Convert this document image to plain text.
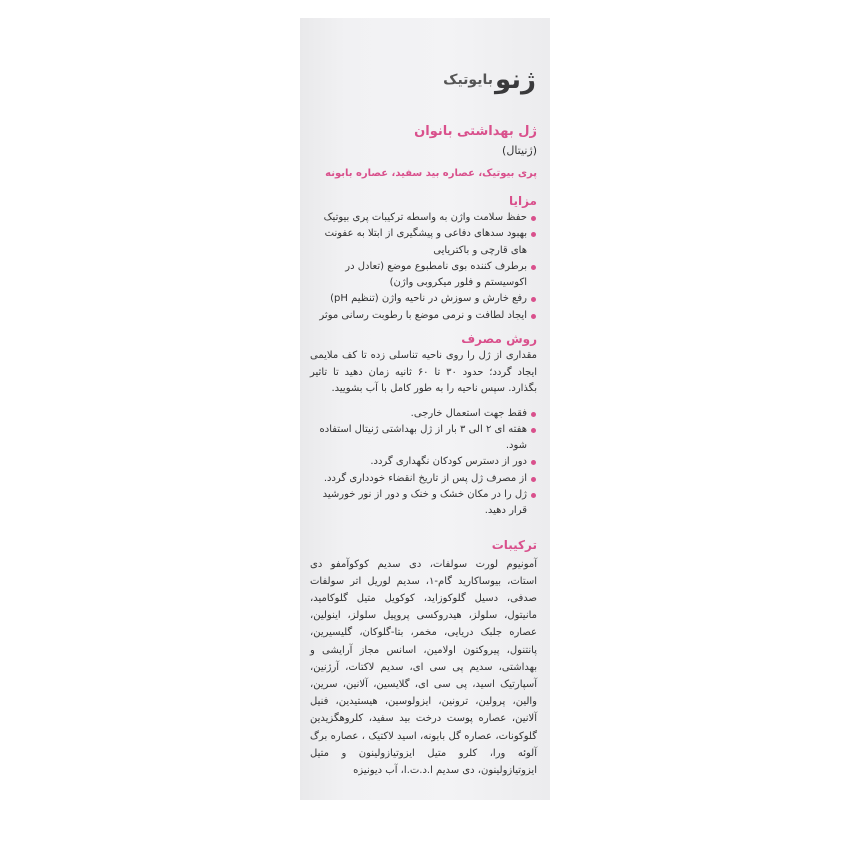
ژنو
بایوتیک
ژل بهداشتی بانوان
(ژنیتال)
پری بیوتیک، عصاره بید سفید، عصاره بابونه
مزایا
حفظ سلامت واژن به واسطه ترکیبات پری بیوتیک
بهبود سدهای دفاعی و پیشگیری از ابتلا به عفونت های قارچی و باکتریایی
برطرف کننده بوی نامطبوع موضع (تعادل در اکوسیستم و فلور میکروبی واژن)
رفع خارش و سوزش در ناحیه واژن (تنظیم pH)
ایجاد لطافت و نرمی موضع با رطوبت رسانی موثر
روش مصرف
مقداری از ژل را روی ناحیه تناسلی زده تا کف ملایمی ایجاد گردد؛ حدود ۳۰ تا ۶۰ ثانیه زمان دهید تا تاثیر بگذارد. سپس ناحیه را به طور کامل با آب بشویید.
فقط جهت استعمال خارجی.
هفته ای ۲ الی ۳ بار از ژل بهداشتی ژنیتال استفاده شود.
دور از دسترس کودکان نگهداری گردد.
از مصرف ژل پس از تاریخ انقضاء خودداری گردد.
ژل را در مکان خشک و خنک و دور از نور خورشید قرار دهید.
ترکیبات
آمونیوم لورت سولفات، دی سدیم کوکوآمفو دی استات، بیوساکارید گام-۱، سدیم لوریل اتر سولفات صدفی، دسیل گلوکوزاید، کوکویل متیل گلوکامید، مانیتول، سلولز، هیدروکسی پروپیل سلولز، اینولین، عصاره جلبک دریایی، مخمر، بتا-گلوکان، گلیسیرین، پانتنول، پیروکتون اولامین، اسانس مجاز آرایشی و بهداشتی، سدیم پی سی ای، سدیم لاکتات، آرژنین، آسپارتیک اسید، پی سی ای، گلایسین، آلانین، سرین، والین، پرولین، ترونین، ایزولوسین، هیستیدین، فنیل آلانین، عصاره پوست درخت بید سفید، کلروهگزیدین گلوکونات، عصاره گل بابونه، اسید لاکتیک ، عصاره برگ آلوئه ورا، کلرو متیل ایزوتیازولینون و متیل ایزوتیازولینون، دی سدیم ا.د.ت.ا، آب دیونیزه
